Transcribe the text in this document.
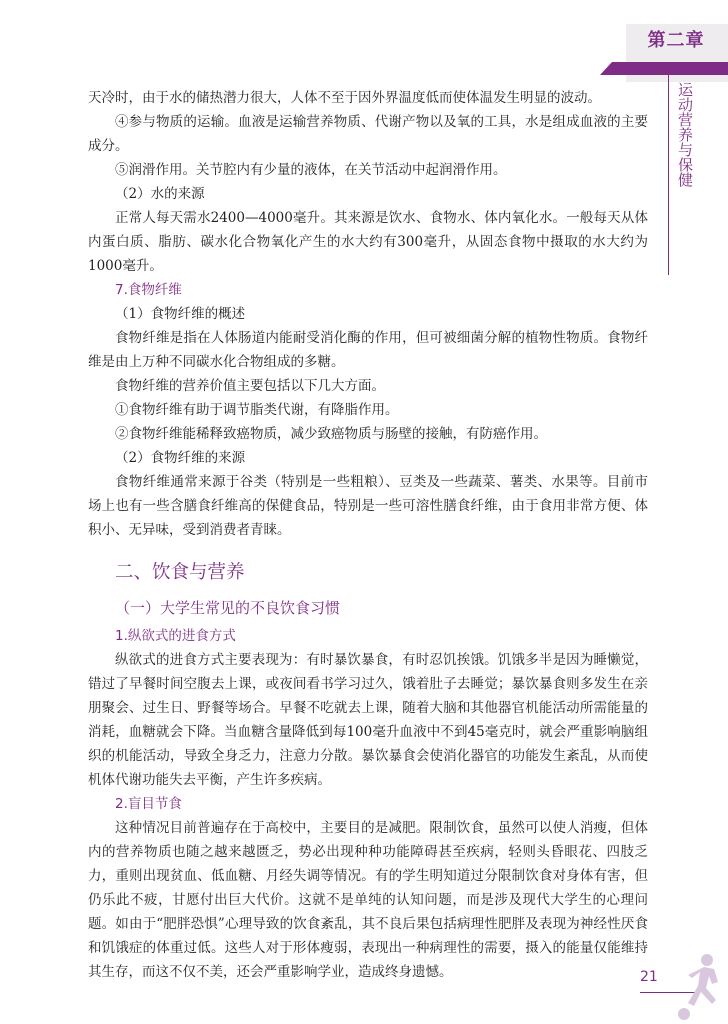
第二章
运动营养与保健

天冷时，由于水的储热潜力很大，人体不至于因外界温度低而使体温发生明显的波动。

④参与物质的运输。血液是运输营养物质、代谢产物以及氧的工具，水是组成血液的主要成分。

⑤润滑作用。关节腔内有少量的液体，在关节活动中起润滑作用。

（2）水的来源

正常人每天需水2400—4000毫升。其来源是饮水、食物水、体内氧化水。一般每天从体内蛋白质、脂肪、碳水化合物氧化产生的水大约有300毫升，从固态食物中摄取的水大约为1000毫升。

7.食物纤维
（1）食物纤维的概述

食物纤维是指在人体肠道内能耐受消化酶的作用，但可被细菌分解的植物性物质。食物纤维是由上万种不同碳水化合物组成的多糖。

食物纤维的营养价值主要包括以下几大方面。

①食物纤维有助于调节脂类代谢，有降脂作用。

②食物纤维能稀释致癌物质，减少致癌物质与肠壁的接触，有防癌作用。

（2）食物纤维的来源

食物纤维通常来源于谷类（特别是一些粗粮）、豆类及一些蔬菜、薯类、水果等。目前市场上也有一些含膳食纤维高的保健食品，特别是一些可溶性膳食纤维，由于食用非常方便、体积小、无异味，受到消费者青睐。

二、饮食与营养
（一）大学生常见的不良饮食习惯
1.纵欲式的进食方式

纵欲式的进食方式主要表现为：有时暴饮暴食，有时忍饥挨饿。饥饿多半是因为睡懒觉，错过了早餐时间空腹去上课，或夜间看书学习过久，饿着肚子去睡觉；暴饮暴食则多发生在亲朋聚会、过生日、野餐等场合。早餐不吃就去上课，随着大脑和其他器官机能活动所需能量的消耗，血糖就会下降。当血糖含量降低到每100毫升血液中不到45毫克时，就会严重影响脑组织的机能活动，导致全身乏力，注意力分散。暴饮暴食会使消化器官的功能发生紊乱，从而使机体代谢功能失去平衡，产生许多疾病。

2.盲目节食

这种情况目前普遍存在于高校中，主要目的是减肥。限制饮食，虽然可以使人消瘦，但体内的营养物质也随之越来越匮乏，势必出现种种功能障碍甚至疾病，轻则头昏眼花、四肢乏力，重则出现贫血、低血糖、月经失调等情况。有的学生明知道过分限制饮食对身体有害，但仍乐此不疲，甘愿付出巨大代价。这就不是单纯的认知问题，而是涉及现代大学生的心理问题。如由于“肥胖恐惧”心理导致的饮食紊乱，其不良后果包括病理性肥胖及表现为神经性厌食和饥饿症的体重过低。这些人对于形体瘦弱，表现出一种病理性的需要，摄入的能量仅能维持其生存，而这不仅不美，还会严重影响学业，造成终身遗憾。	21
